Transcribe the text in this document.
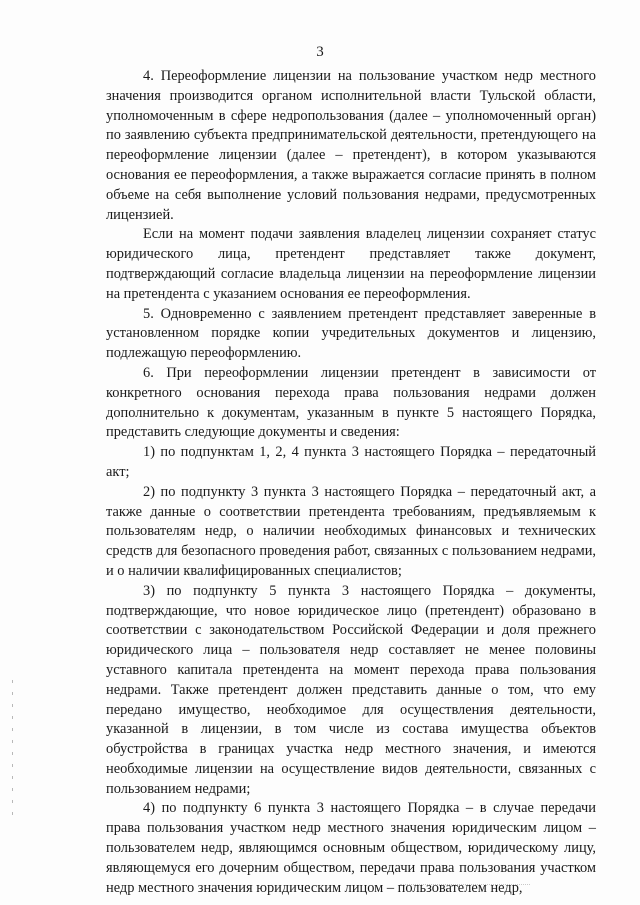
3

4. Переоформление лицензии на пользование участком недр местного значения производится органом исполнительной власти Тульской области, уполномоченным в сфере недропользования (далее – уполномоченный орган) по заявлению субъекта предпринимательской деятельности, претендующего на переоформление лицензии (далее – претендент), в котором указываются основания ее переоформления, а также выражается согласие принять в полном объеме на себя выполнение условий пользования недрами, предусмотренных лицензией.

Если на момент подачи заявления владелец лицензии сохраняет статус юридического лица, претендент представляет также документ, подтверждающий согласие владельца лицензии на переоформление лицензии на претендента с указанием основания ее переоформления.

5. Одновременно с заявлением претендент представляет заверенные в установленном порядке копии учредительных документов и лицензию, подлежащую переоформлению.

6. При переоформлении лицензии претендент в зависимости от конкретного основания перехода права пользования недрами должен дополнительно к документам, указанным в пункте 5 настоящего Порядка, представить следующие документы и сведения:

1) по подпунктам 1, 2, 4 пункта 3 настоящего Порядка – передаточный акт;

2) по подпункту 3 пункта 3 настоящего Порядка – передаточный акт, а также данные о соответствии претендента требованиям, предъявляемым к пользователям недр, о наличии необходимых финансовых и технических средств для безопасного проведения работ, связанных с пользованием недрами, и о наличии квалифицированных специалистов;

3) по подпункту 5 пункта 3 настоящего Порядка – документы, подтверждающие, что новое юридическое лицо (претендент) образовано в соответствии с законодательством Российской Федерации и доля прежнего юридического лица – пользователя недр составляет не менее половины уставного капитала претендента на момент перехода права пользования недрами. Также претендент должен представить данные о том, что ему передано имущество, необходимое для осуществления деятельности, указанной в лицензии, в том числе из состава имущества объектов обустройства в границах участка недр местного значения, и имеются необходимые лицензии на осуществление видов деятельности, связанных с пользованием недрами;

4) по подпункту 6 пункта 3 настоящего Порядка – в случае передачи права пользования участком недр местного значения юридическим лицом – пользователем недр, являющимся основным обществом, юридическому лицу, являющемуся его дочерним обществом, передачи права пользования участком недр местного значения юридическим лицом – пользователем недр,
